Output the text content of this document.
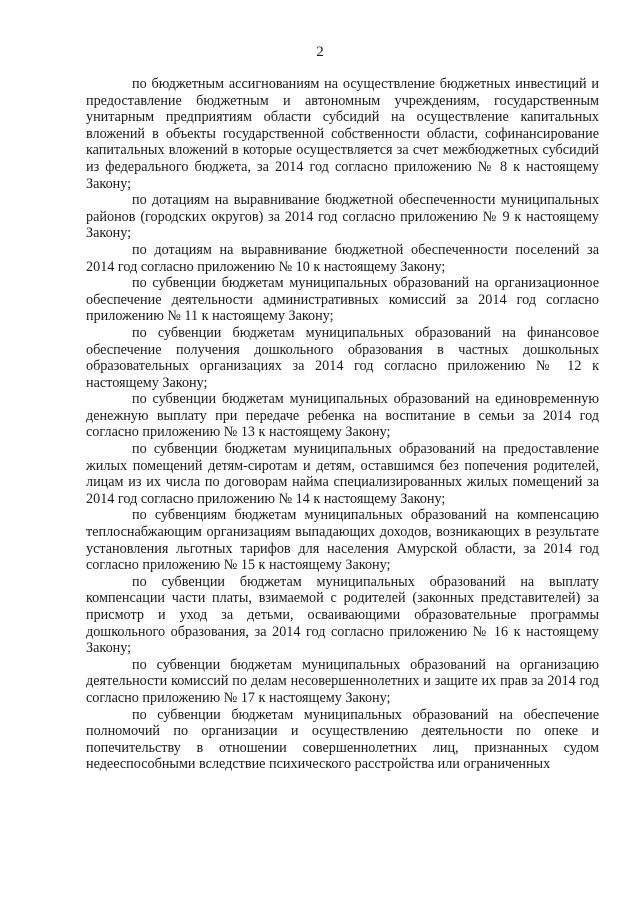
2

по бюджетным ассигнованиям на осуществление бюджетных инвестиций и предоставление бюджетным и автономным учреждениям, государственным унитарным предприятиям области субсидий на осуществление капитальных вложений в объекты государственной собственности области, софинансирование капитальных вложений в которые осуществляется за счет межбюджетных субсидий из федерального бюджета, за 2014 год согласно приложению № 8 к настоящему Закону;

по дотациям на выравнивание бюджетной обеспеченности муниципальных районов (городских округов) за 2014 год согласно приложению № 9 к настоящему Закону;

по дотациям на выравнивание бюджетной обеспеченности поселений за 2014 год согласно приложению № 10 к настоящему Закону;

по субвенции бюджетам муниципальных образований на организационное обеспечение деятельности административных комиссий за 2014 год согласно приложению № 11 к настоящему Закону;

по субвенции бюджетам муниципальных образований на финансовое обеспечение получения дошкольного образования в частных дошкольных образовательных организациях за 2014 год согласно приложению № 12 к настоящему Закону;

по субвенции бюджетам муниципальных образований на единовременную денежную выплату при передаче ребенка на воспитание в семьи за 2014 год согласно приложению № 13 к настоящему Закону;

по субвенции бюджетам муниципальных образований на предоставление жилых помещений детям-сиротам и детям, оставшимся без попечения родителей, лицам из их числа по договорам найма специализированных жилых помещений за 2014 год согласно приложению № 14 к настоящему Закону;

по субвенциям бюджетам муниципальных образований на компенсацию теплоснабжающим организациям выпадающих доходов, возникающих в результате установления льготных тарифов для населения Амурской области, за 2014 год согласно приложению № 15 к настоящему Закону;

по субвенции бюджетам муниципальных образований на выплату компенсации части платы, взимаемой с родителей (законных представителей) за присмотр и уход за детьми, осваивающими образовательные программы дошкольного образования, за 2014 год согласно приложению № 16 к настоящему Закону;

по субвенции бюджетам муниципальных образований на организацию деятельности комиссий по делам несовершеннолетних и защите их прав за 2014 год согласно приложению № 17 к настоящему Закону;

по субвенции бюджетам муниципальных образований на обеспечение полномочий по организации и осуществлению деятельности по опеке и попечительству в отношении совершеннолетних лиц, признанных судом недееспособными вследствие психического расстройства или ограниченных
